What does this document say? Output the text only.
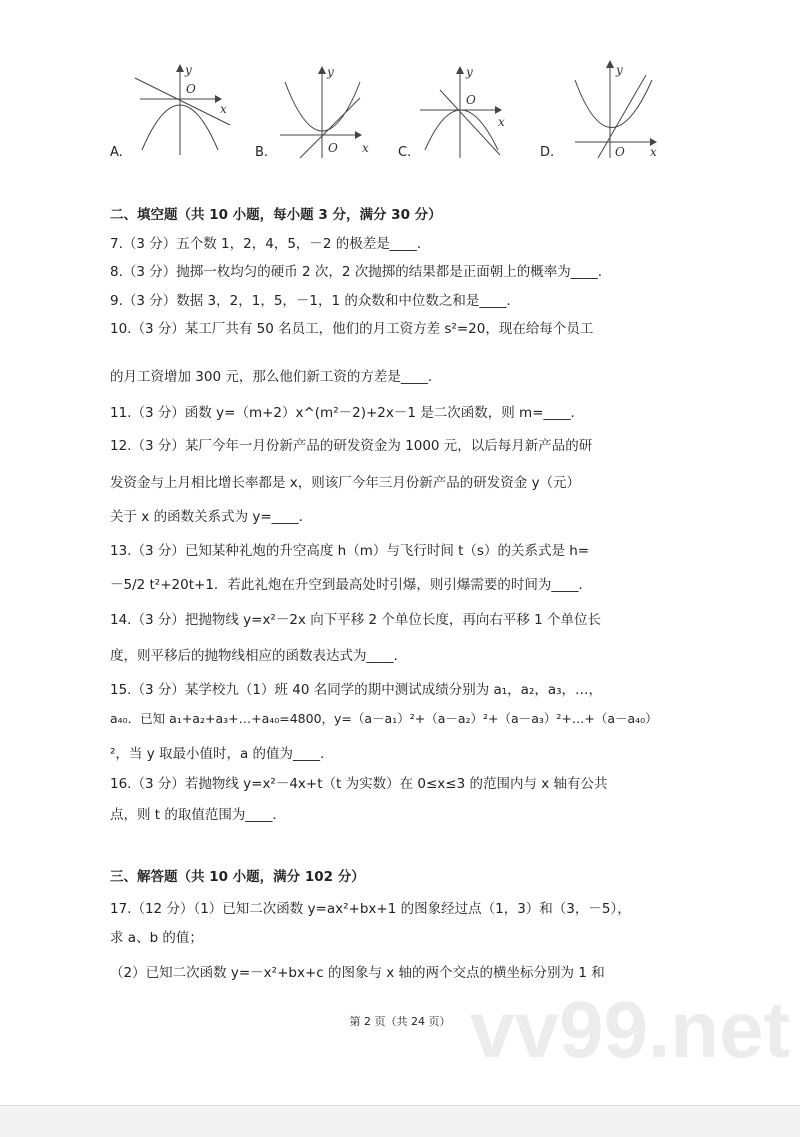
y
O
x
y
O x
y
O
x
y
O x
A.	B.	C.	D.
二、填空题（共 10 小题，每小题 3 分，满分 30 分）
7.（3 分）五个数 1，2，4，5，－2 的极差是____.
8.（3 分）抛掷一枚均匀的硬币 2 次，2 次抛掷的结果都是正面朝上的概率为____.
9.（3 分）数据 3，2，1，5，－1，1 的众数和中位数之和是____.
10.（3 分）某工厂共有 50 名员工，他们的月工资方差 s²=20，现在给每个员工
的月工资增加 300 元，那么他们新工资的方差是____.
11.（3 分）函数 y=（m+2）x^(m²－2)+2x－1 是二次函数，则 m=____.
12.（3 分）某厂今年一月份新产品的研发资金为 1000 元，以后每月新产品的研
发资金与上月相比增长率都是 x，则该厂今年三月份新产品的研发资金 y（元）
关于 x 的函数关系式为 y=____.
13.（3 分）已知某种礼炮的升空高度 h（m）与飞行时间 t（s）的关系式是 h=
－5/2 t²+20t+1．若此礼炮在升空到最高处时引爆，则引爆需要的时间为____.
14.（3 分）把抛物线 y=x²－2x 向下平移 2 个单位长度，再向右平移 1 个单位长
度，则平移后的抛物线相应的函数表达式为____.
15.（3 分）某学校九（1）班 40 名同学的期中测试成绩分别为 a₁，a₂，a₃，…，
a₄₀．已知 a₁+a₂+a₃+…+a₄₀=4800，y=（a－a₁）²+（a－a₂）²+（a－a₃）²+…+（a－a₄₀）
²，当 y 取最小值时，a 的值为____.
16.（3 分）若抛物线 y=x²－4x+t（t 为实数）在 0≤x≤3 的范围内与 x 轴有公共
点，则 t 的取值范围为____.
三、解答题（共 10 小题，满分 102 分）
17.（12 分）（1）已知二次函数 y=ax²+bx+1 的图象经过点（1，3）和（3，－5），
求 a、b 的值；
（2）已知二次函数 y=－x²+bx+c 的图象与 x 轴的两个交点的横坐标分别为 1 和
第 2 页（共 24 页） vv99.net
